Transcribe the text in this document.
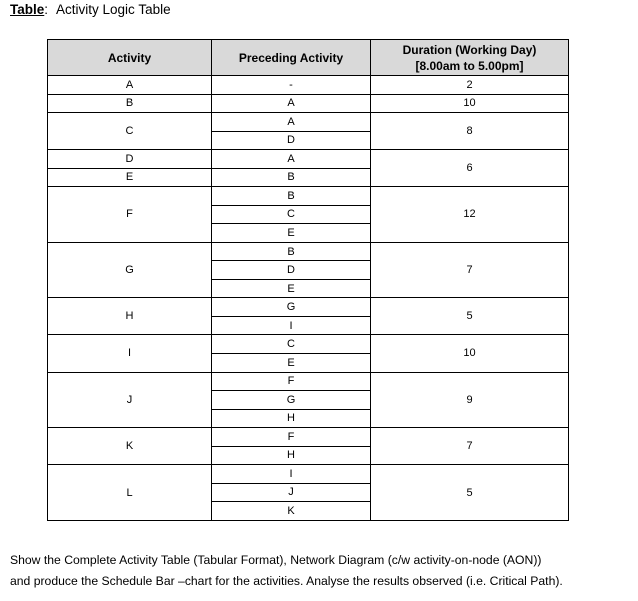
Table: Activity Logic Table
Activity	Preceding Activity	Duration (Working Day)
[8.00am to 5.00pm]

A	-	2
B	A	10
C	A	8
	D	
D	A	6
E	B	
F	B	12
	C	
	E	
G	B	7
	D	
	E	
H	G	5
	I	
I	C	10
	E	
J	F	9
	G	
	H	
K	F	7
	H	
L	I	5
	J	
	K	
Show the Complete Activity Table (Tabular Format), Network Diagram (c/w activity-on-node (AON))
and produce the Schedule Bar –chart for the activities. Analyse the results observed (i.e. Critical Path).
